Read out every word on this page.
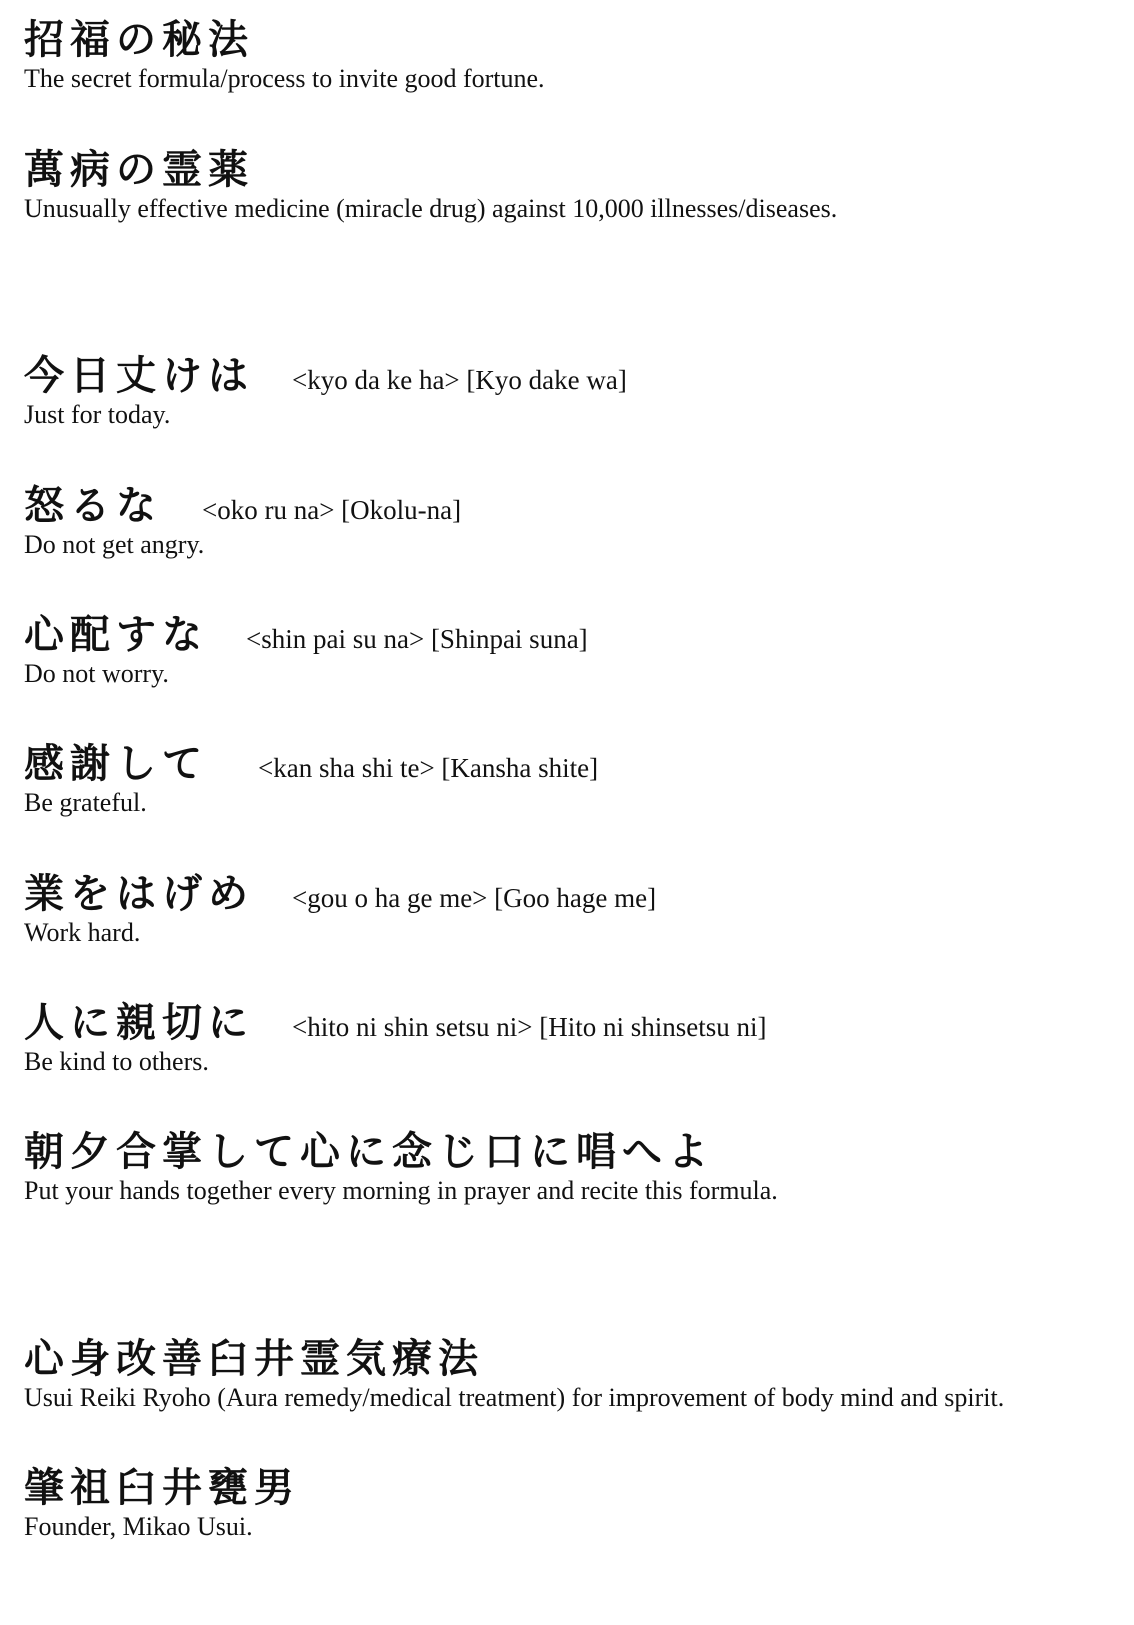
招福の秘法
The secret formula/process to invite good fortune.
萬病の霊薬
Unusually effective medicine (miracle drug) against 10,000 illnesses/diseases.
今日丈けは <kyo da ke ha> [Kyo dake wa]
Just for today.
怒るな <oko ru na> [Okolu-na]
Do not get angry.
心配すな <shin pai su na> [Shinpai suna]
Do not worry.
感謝して <kan sha shi te> [Kansha shite]
Be grateful.
業をはげめ <gou o ha ge me> [Goo hage me]
Work hard.
人に親切に <hito ni shin setsu ni> [Hito ni shinsetsu ni]
Be kind to others.
朝夕合掌して心に念じ口に唱へよ
Put your hands together every morning in prayer and recite this formula.
心身改善臼井霊気療法
Usui Reiki Ryoho (Aura remedy/medical treatment) for improvement of body mind and spirit.
肇祖臼井甕男
Founder, Mikao Usui.
